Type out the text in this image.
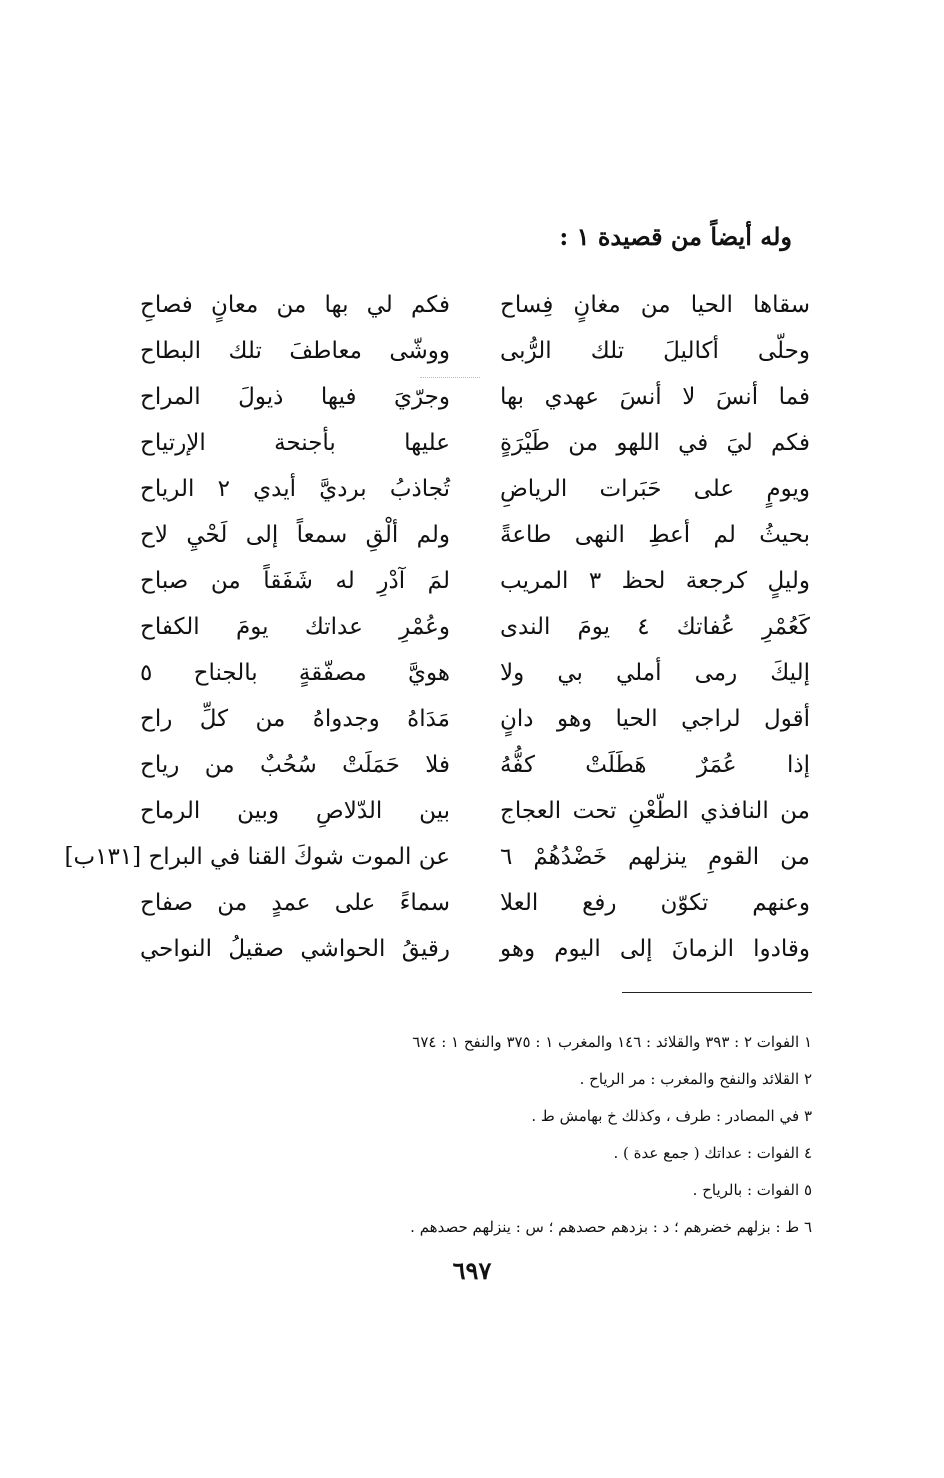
وله أيضاً من قصيدة ١ :
سقاها الحيا من مغانٍ فِساح
فكم لي بها من معانٍ فصاحِ
وحلّى أكاليلَ تلك الرُّبى
ووشّى معاطفَ تلك البطاح
فما أنسَ لا أنسَ عهدي بها
وجرّيَ فيها ذيولَ المراح
فكم ليَ في اللهو من طَيْرَةٍ
عليها بأجنحة الإرتياح
ويومٍ على حَبَرات الرياضِ
تُجاذبُ برديَّ أيدي ٢ الرياح
بحيثُ لم أعطِ النهى طاعةً
ولم ألْقِ سمعاً إلى لَحْيِ لاح
وليلٍ كرجعة لحظ ٣ المريب
لمَ آدْرِ له شَفَقاً من صباح
كَعُمْرِ عُفاتك ٤ يومَ الندى
وعُمْرِ عداتك يومَ الكفاح
إليكَ رمى أملي بي ولا
هويَّ مصفّقةٍ بالجناح ٥
أقول لراجي الحيا وهو دانٍ
مَدَاهُ وجدواهُ من كلِّ راح
إذا عُمَرٌ هَطَلَتْ كفُّهُ
فلا حَمَلَتْ سُحُبٌ من رياح
من النافذي الطّعْنِ تحت العجاج
بين الدّلاصِ وبين الرماح
من القومِ ينزلهم خَضْدُهُمْ ٦
عن الموت شوكَ القنا في البراح [١٣١ب]
وعنهم تكوّن رفع العلا
سماءً على عمدٍ من صفاح
وقادوا الزمانَ إلى اليوم وهو
رقيقُ الحواشي صقيلُ النواحي
١ الفوات ٢ : ٣٩٣ والقلائد : ١٤٦ والمغرب ١ : ٣٧٥ والنفح ١ : ٦٧٤
٢ القلائد والنفح والمغرب : مر الرياح .
٣ في المصادر : طرف ، وكذلك خ بهامش ط .
٤ الفوات : عداتك ( جمع عدة ) .
٥ الفوات : بالرياح .
٦ ط : بزلهم خضرهم ؛ د : بزدهم حصدهم ؛ س : ينزلهم حصدهم .
٦٩٧
